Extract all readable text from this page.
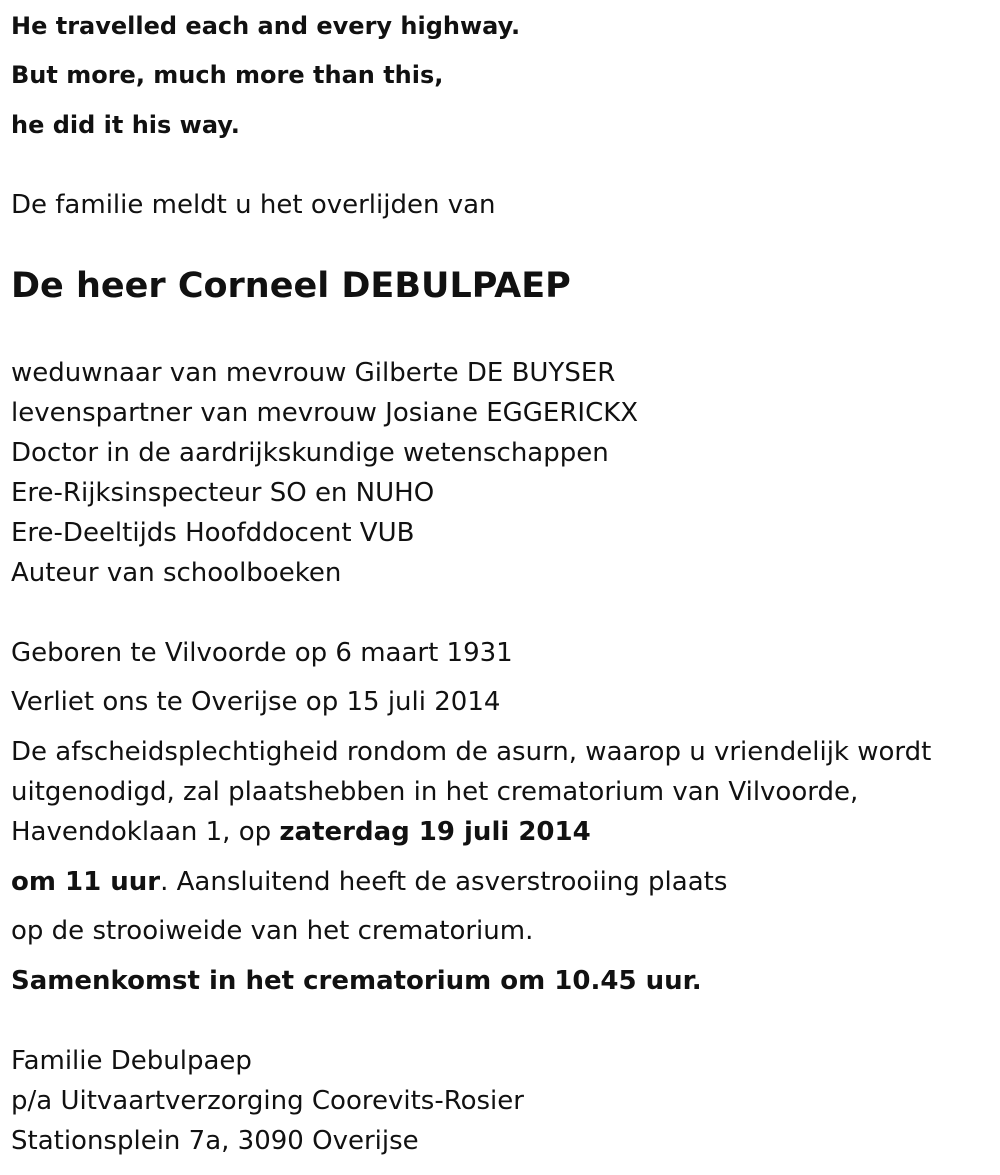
He travelled each and every highway.

But more, much more than this,

he did it his way.

De familie meldt u het overlijden van

De heer Corneel DEBULPAEP

weduwnaar van mevrouw Gilberte DE BUYSER

levenspartner van mevrouw Josiane EGGERICKX

Doctor in de aardrijkskundige wetenschappen

Ere-Rijksinspecteur SO en NUHO

Ere-Deeltijds Hoofddocent VUB

Auteur van schoolboeken

Geboren te Vilvoorde op 6 maart 1931

Verliet ons te Overijse op 15 juli 2014

De afscheidsplechtigheid rondom de asurn, waarop u vriendelijk wordt

uitgenodigd, zal plaatshebben in het crematorium van Vilvoorde,

Havendoklaan 1, op zaterdag 19 juli 2014

om 11 uur. Aansluitend heeft de asverstrooiing plaats

op de strooiweide van het crematorium.

Samenkomst in het crematorium om 10.45 uur.

Familie Debulpaep

p/a Uitvaartverzorging Coorevits-Rosier

Stationsplein 7a, 3090 Overijse
